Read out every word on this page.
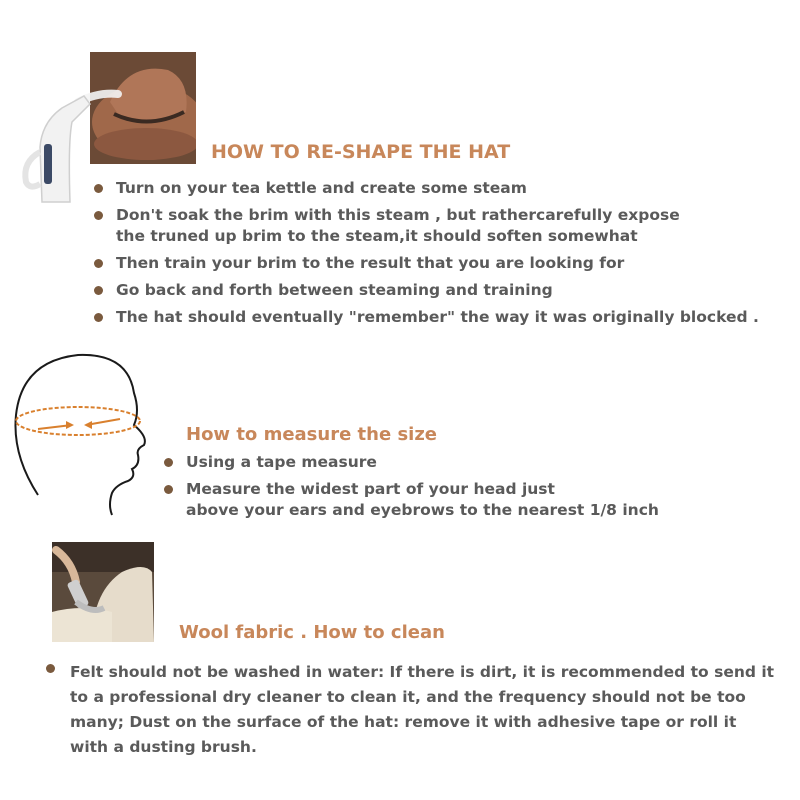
HOW TO RE-SHAPE THE HAT
Turn on your tea kettle and create some steam
Don't soak the brim with this steam , but rathercarefully expose
the truned up brim to the steam,it should soften somewhat
Then train your brim to the result that you are looking for
Go back and forth between steaming and training
The hat should eventually "remember" the way it was originally blocked .
How to measure the size
Using a tape measure
Measure the widest part of your head just
above your ears and eyebrows to the nearest 1/8 inch
Wool fabric . How to clean
Felt should not be washed in water: If there is dirt, it is recommended to send it
to a professional dry cleaner to clean it, and the frequency should not be too
many; Dust on the surface of the hat: remove it with adhesive tape or roll it
with a dusting brush.
